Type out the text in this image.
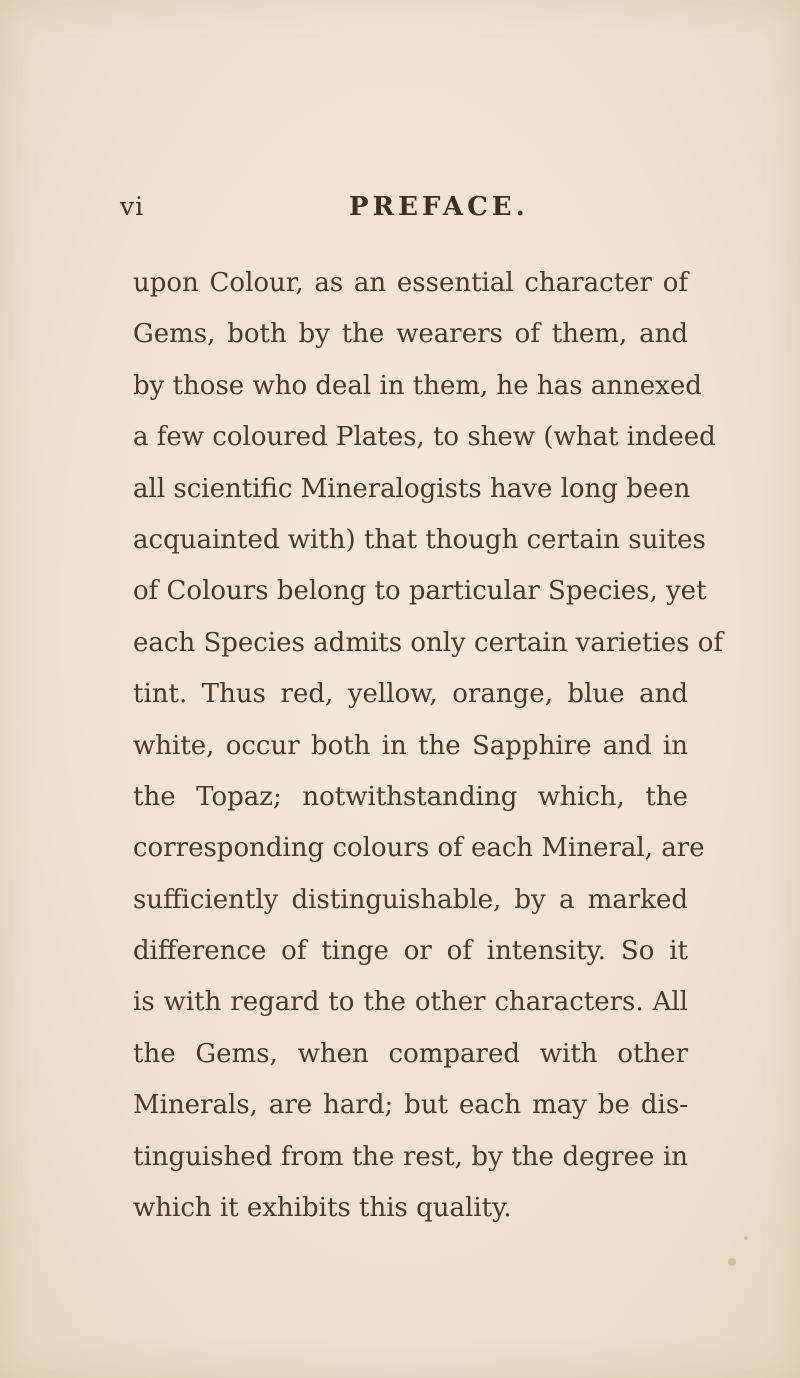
vi	PREFACE.
upon Colour, as an essential character of
Gems, both by the wearers of them, and
by those who deal in them, he has annexed
a few coloured Plates, to shew (what indeed
all scientific Mineralogists have long been
acquainted with) that though certain suites
of Colours belong to particular Species, yet
each Species admits only certain varieties of
tint. Thus red, yellow, orange, blue and
white, occur both in the Sapphire and in
the Topaz; notwithstanding which, the
corresponding colours of each Mineral, are
sufficiently distinguishable, by a marked
difference of tinge or of intensity. So it
is with regard to the other characters. All
the Gems, when compared with other
Minerals, are hard; but each may be dis-
tinguished from the rest, by the degree in
which it exhibits this quality.
